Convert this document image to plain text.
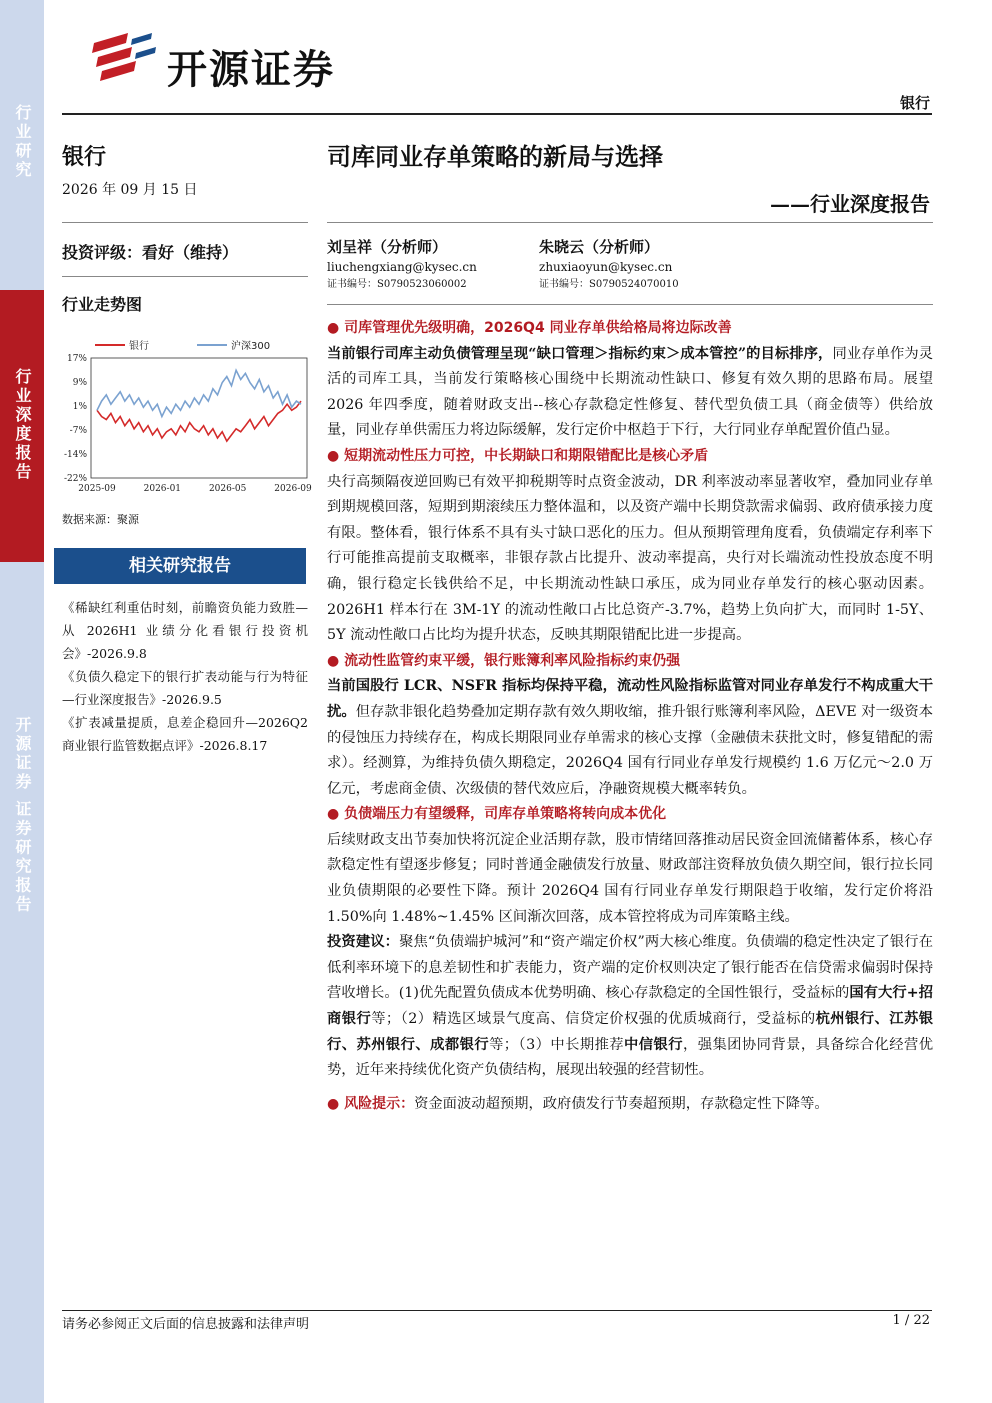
行业研究
行业深度报告
开源证券 证券研究报告
开源证券
银行
银行
2026 年 09 月 15 日
司库同业存单策略的新局与选择
——行业深度报告
投资评级：看好（维持）
行业走势图
刘呈祥（分析师）
liuchengxiang@kysec.cn
证书编号：S0790523060002
朱晓云（分析师）
zhuxiaoyun@kysec.cn
证书编号：S0790524070010
17%
9%
1%
-7%
-14%
-22%
2025-09	2026-01	2026-05	2026-09
银行	沪深300
数据来源：聚源
相关研究报告

《稀缺红利重估时刻，前瞻资负能力致胜—从 2026H1 业绩分化看银行投资机会》-2026.9.8

《负债久稳定下的银行扩表动能与行为特征—行业深度报告》-2026.9.5

《扩表减量提质，息差企稳回升—2026Q2 商业银行监管数据点评》-2026.8.17

● 司库管理优先级明确，2026Q4 同业存单供给格局将边际改善

当前银行司库主动负债管理呈现“缺口管理＞指标约束＞成本管控”的目标排序，同业存单作为灵活的司库工具，当前发行策略核心围绕中长期流动性缺口、修复有效久期的思路布局。展望 2026 年四季度，随着财政支出--核心存款稳定性修复、替代型负债工具（商金债等）供给放量，同业存单供需压力将边际缓解，发行定价中枢趋于下行，大行同业存单配置价值凸显。

● 短期流动性压力可控，中长期缺口和期限错配比是核心矛盾

央行高频隔夜逆回购已有效平抑税期等时点资金波动，DR 利率波动率显著收窄，叠加同业存单到期规模回落，短期到期滚续压力整体温和，以及资产端中长期贷款需求偏弱、政府债承接力度有限。整体看，银行体系不具有头寸缺口恶化的压力。但从预期管理角度看，负债端定存利率下行可能推高提前支取概率，非银存款占比提升、波动率提高，央行对长端流动性投放态度不明确，银行稳定长钱供给不足，中长期流动性缺口承压，成为同业存单发行的核心驱动因素。2026H1 样本行在 3M-1Y 的流动性敞口占比总资产-3.7%，趋势上负向扩大，而同时 1-5Y、5Y 流动性敞口占比均为提升状态，反映其期限错配比进一步提高。

● 流动性监管约束平缓，银行账簿利率风险指标约束仍强

当前国股行 LCR、NSFR 指标均保持平稳，流动性风险指标监管对同业存单发行不构成重大干扰。但存款非银化趋势叠加定期存款有效久期收缩，推升银行账簿利率风险，ΔEVE 对一级资本的侵蚀压力持续存在，构成长期限同业存单需求的核心支撑（金融债未获批文时，修复错配的需求）。经测算，为维持负债久期稳定，2026Q4 国有行同业存单发行规模约 1.6 万亿元～2.0 万亿元，考虑商金债、次级债的替代效应后，净融资规模大概率转负。

● 负债端压力有望缓释，司库存单策略将转向成本优化

后续财政支出节奏加快将沉淀企业活期存款，股市情绪回落推动居民资金回流储蓄体系，核心存款稳定性有望逐步修复；同时普通金融债发行放量、财政部注资释放负债久期空间，银行拉长同业负债期限的必要性下降。预计 2026Q4 国有行同业存单发行期限趋于收缩，发行定价将沿 1.50%向 1.48%~1.45% 区间渐次回落，成本管控将成为司库策略主线。

投资建议：聚焦“负债端护城河”和“资产端定价权”两大核心维度。负债端的稳定性决定了银行在低利率环境下的息差韧性和扩表能力，资产端的定价权则决定了银行能否在信贷需求偏弱时保持营收增长。(1)优先配置负债成本优势明确、核心存款稳定的全国性银行，受益标的国有大行+招商银行等；（2）精选区域景气度高、信贷定价权强的优质城商行，受益标的杭州银行、江苏银行、苏州银行、成都银行等；（3）中长期推荐中信银行，强集团协同背景，具备综合化经营优势，近年来持续优化资产负债结构，展现出较强的经营韧性。

● 风险提示：资金面波动超预期，政府债发行节奏超预期，存款稳定性下降等。

请务必参阅正文后面的信息披露和法律声明	1 / 22
